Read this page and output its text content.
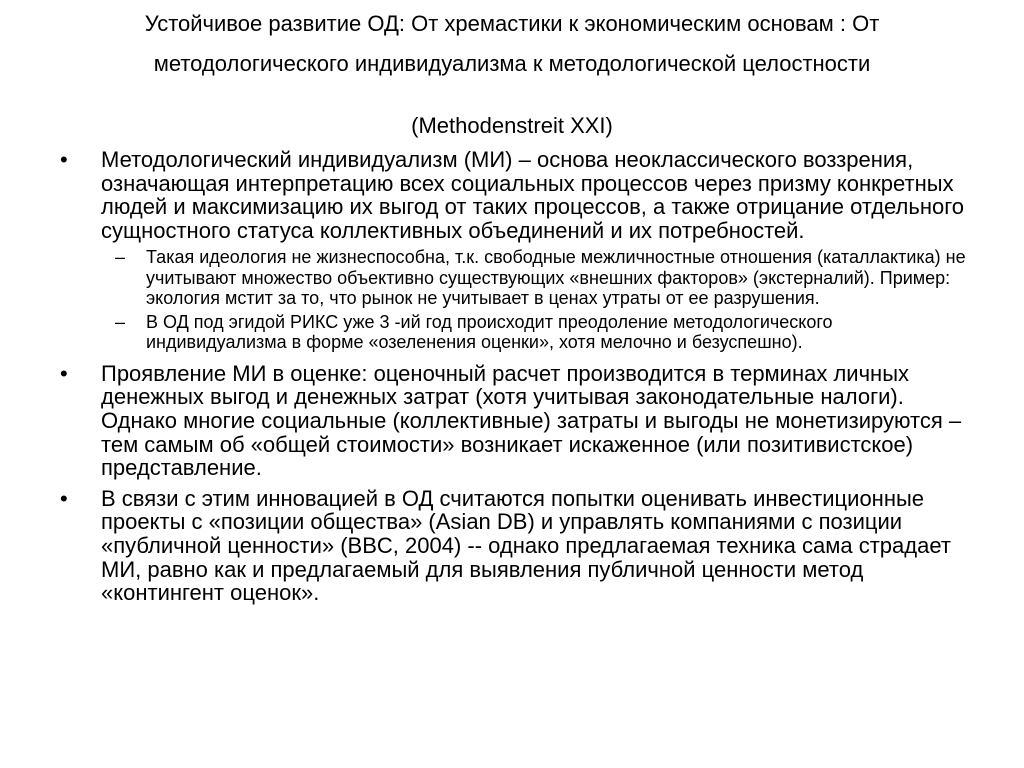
Устойчивое развитие ОД: От хремастики к экономическим основам : От

методологического индивидуализма к методологической целостности

(Methodenstreit XXI)

• Методологический индивидуализм (МИ) – основа неоклассического воззрения, означающая интерпретацию всех социальных процессов через призму конкретных людей и максимизацию их выгод от таких процессов, а также отрицание отдельного сущностного статуса коллективных объединений и их потребностей.
– Такая идеология не жизнеспособна, т.к. свободные межличностные отношения (каталлактика) не учитывают множество объективно существующих «внешних факторов» (экстерналий). Пример: экология мстит за то, что рынок не учитывает в ценах утраты от ее разрушения.
– В ОД под эгидой РИКС уже 3 -ий год происходит преодоление методологического индивидуализма в форме «озеленения оценки», хотя мелочно и безуспешно).
• Проявление МИ в оценке: оценочный расчет производится в терминах личных денежных выгод и денежных затрат (хотя учитывая законодательные налоги). Однако многие социальные (коллективные) затраты и выгоды не монетизируются – тем самым об «общей стоимости» возникает искаженное (или позитивистское) представление.
• В связи с этим инновацией в ОД считаются попытки оценивать инвестиционные проекты с «позиции общества» (Asian DB) и управлять компаниями с позиции «публичной ценности» (BBC, 2004) -- однако предлагаемая техника сама страдает МИ, равно как и предлагаемый для выявления публичной ценности метод «контингент оценок».
